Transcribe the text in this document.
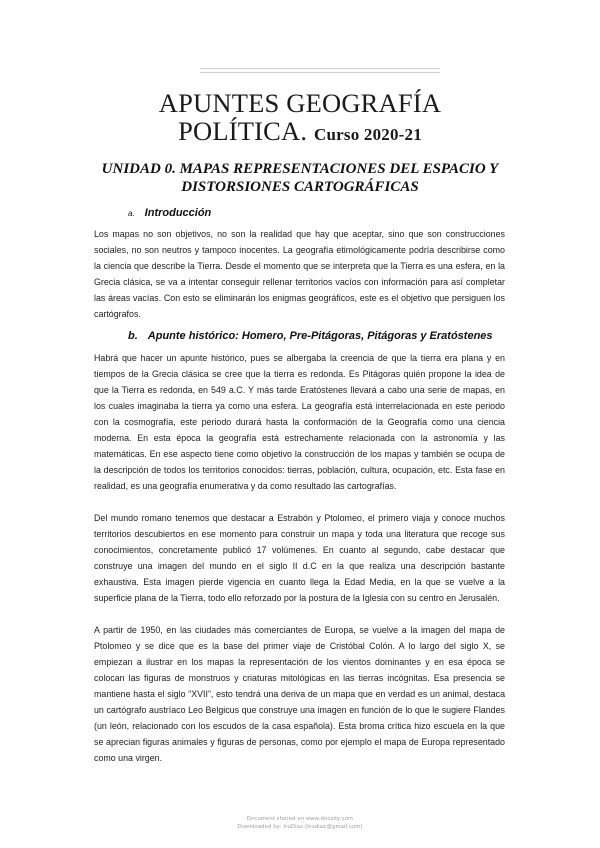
APUNTES GEOGRAFÍA POLÍTICA. Curso 2020-21
UNIDAD 0. MAPAS REPRESENTACIONES DEL ESPACIO Y DISTORSIONES CARTOGRÁFICAS
a. Introducción

Los mapas no son objetivos, no son la realidad que hay que aceptar, sino que son construcciones sociales, no son neutros y tampoco inocentes. La geografía etimológicamente podría describirse como la ciencia que describe la Tierra. Desde el momento que se interpreta que la Tierra es una esfera, en la Grecia clásica, se va a intentar conseguir rellenar territorios vacíos con información para así completar las áreas vacías. Con esto se eliminarán los enigmas geográficos, este es el objetivo que persiguen los cartógrafos.

b. Apunte histórico: Homero, Pre-Pitágoras, Pitágoras y Eratóstenes

Habrá que hacer un apunte histórico, pues se albergaba la creencia de que la tierra era plana y en tiempos de la Grecia clásica se cree que la tierra es redonda. Es Pitágoras quién propone la idea de que la Tierra es redonda, en 549 a.C. Y más tarde Eratóstenes llevará a cabo una serie de mapas, en los cuales imaginaba la tierra ya como una esfera. La geografía está interrelacionada en este periodo con la cosmografía, este periodo durará hasta la conformación de la Geografía como una ciencia moderna. En esta época la geografía está estrechamente relacionada con la astronomía y las matemáticas. En ese aspecto tiene como objetivo la construcción de los mapas y también se ocupa de la descripción de todos los territorios conocidos: tierras, población, cultura, ocupación, etc. Esta fase en realidad, es una geografía enumerativa y da como resultado las cartografías.

Del mundo romano tenemos que destacar a Estrabón y Ptolomeo, el primero viaja y conoce muchos territorios descubiertos en ese momento para construir un mapa y toda una literatura que recoge sus conocimientos, concretamente publicó 17 volúmenes. En cuanto al segundo, cabe destacar que construye una imagen del mundo en el siglo II d.C en la que realiza una descripción bastante exhaustiva. Esta imagen pierde vigencia en cuanto llega la Edad Media, en la que se vuelve a la superficie plana de la Tierra, todo ello reforzado por la postura de la Iglesia con su centro en Jerusalén.

A partir de 1950, en las ciudades más comerciantes de Europa, se vuelve a la imagen del mapa de Ptolomeo y se dice que es la base del primer viaje de Cristóbal Colón. A lo largo del siglo X, se empiezan a ilustrar en los mapas la representación de los vientos dominantes y en esa época se colocan las figuras de monstruos y criaturas mitológicas en las tierras incógnitas. Esa presencia se mantiene hasta el siglo “XVII”, esto tendrá una deriva de un mapa que en verdad es un animal, destaca un cartógrafo austríaco Leo Belgicus que construye una imagen en función de lo que le sugiere Flandes (un león, relacionado con los escudos de la casa española). Esta broma crítica hizo escuela en la que se aprecian figuras animales y figuras de personas, como por ejemplo el mapa de Europa representado como una virgen.

Document shared on www.docsity.com
Downloaded by: truDiaz (trudiaz@gmail.com)
